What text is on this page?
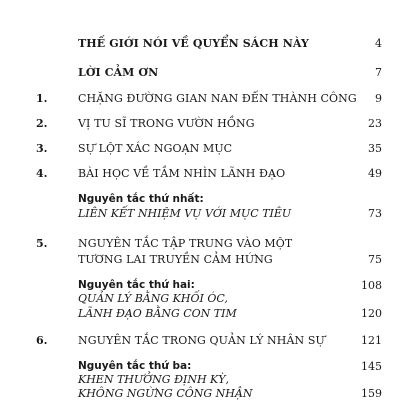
THẾ GIỚI NÓI VỀ QUYỂN SÁCH NÀY	4
LỜI CẢM ƠN	7
1.	CHẶNG ĐƯỜNG GIAN NAN ĐẾN THÀNH CÔNG	9
2.	VỊ TU SĨ TRONG VƯỜN HỒNG	23
3.	SỰ LỘT XÁC NGOẠN MỤC	35
4.	BÀI HỌC VỀ TẦM NHÌN LÃNH ĐẠO	49
Nguyên tắc thứ nhất:
LIÊN KẾT NHIỆM VỤ VỚI MỤC TIÊU	73
5.	NGUYÊN TẮC TẬP TRUNG VÀO MỘT
TƯƠNG LAI TRUYỀN CẢM HỨNG	75
Nguyên tắc thứ hai:	108
QUẢN LÝ BẰNG KHỐI ÓC,
LÃNH ĐẠO BẰNG CON TIM	120
6.	NGUYÊN TẮC TRONG QUẢN LÝ NHÂN SỰ	121
Nguyên tắc thứ ba:	145
KHEN THƯỞNG ĐỊNH KỲ,
KHÔNG NGỪNG CÔNG NHẬN	159
